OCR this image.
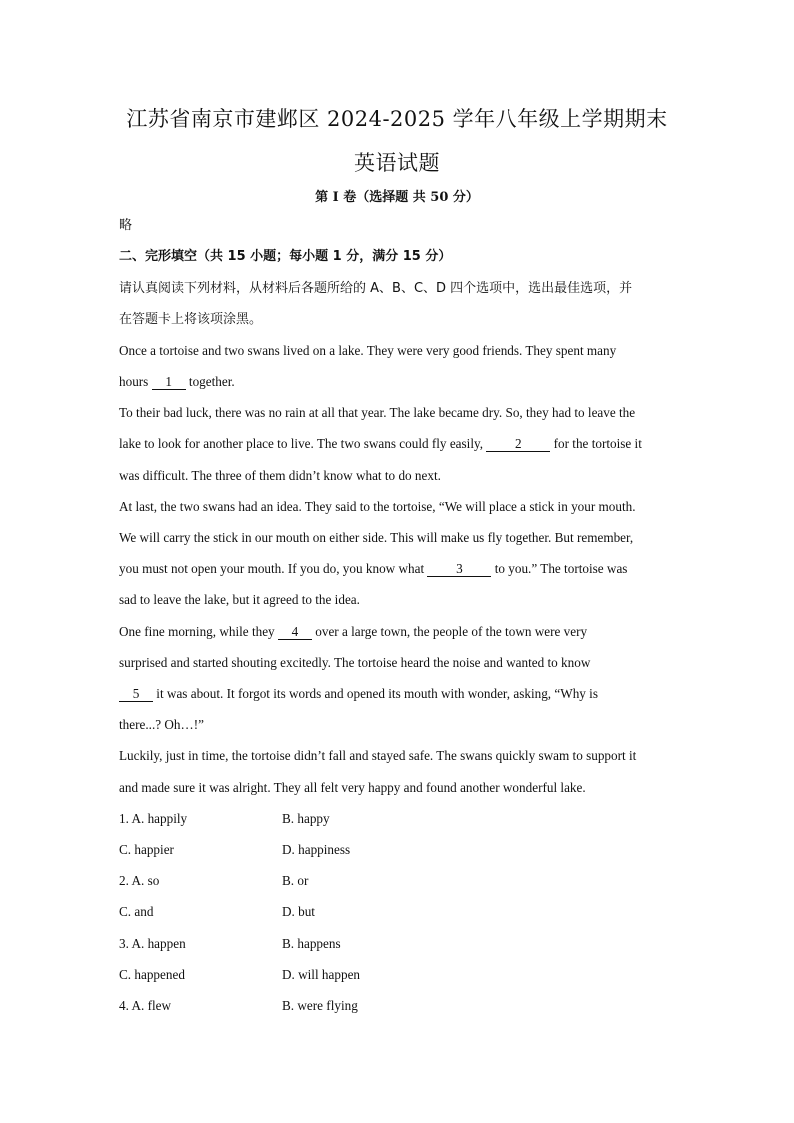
江苏省南京市建邺区 2024-2025 学年八年级上学期期末
英语试题
第 I 卷（选择题 共 50 分）
略
二、完形填空（共 15 小题；每小题 1 分，满分 15 分）
请认真阅读下列材料，从材料后各题所给的 A、B、C、D 四个选项中，选出最佳选项，并
在答题卡上将该项涂黑。
Once a tortoise and two swans lived on a lake. They were very good friends. They spent many
hours 1 together.
To their bad luck, there was no rain at all that year. The lake became dry. So, they had to leave the
lake to look for another place to live. The two swans could fly easily, 2 for the tortoise it
was difficult. The three of them didn’t know what to do next.
At last, the two swans had an idea. They said to the tortoise, “We will place a stick in your mouth.
We will carry the stick in our mouth on either side. This will make us fly together. But remember,
you must not open your mouth. If you do, you know what 3 to you.” The tortoise was
sad to leave the lake, but it agreed to the idea.
One fine morning, while they 4 over a large town, the people of the town were very
surprised and started shouting excitedly. The tortoise heard the noise and wanted to know
5 it was about. It forgot its words and opened its mouth with wonder, asking, “Why is
there...? Oh…!”
Luckily, just in time, the tortoise didn’t fall and stayed safe. The swans quickly swam to support it
and made sure it was alright. They all felt very happy and found another wonderful lake.
1. A. happily	B. happy
C. happier	D. happiness
2. A. so	B. or
C. and	D. but
3. A. happen	B. happens
C. happened	D. will happen
4. A. flew	B. were flying
